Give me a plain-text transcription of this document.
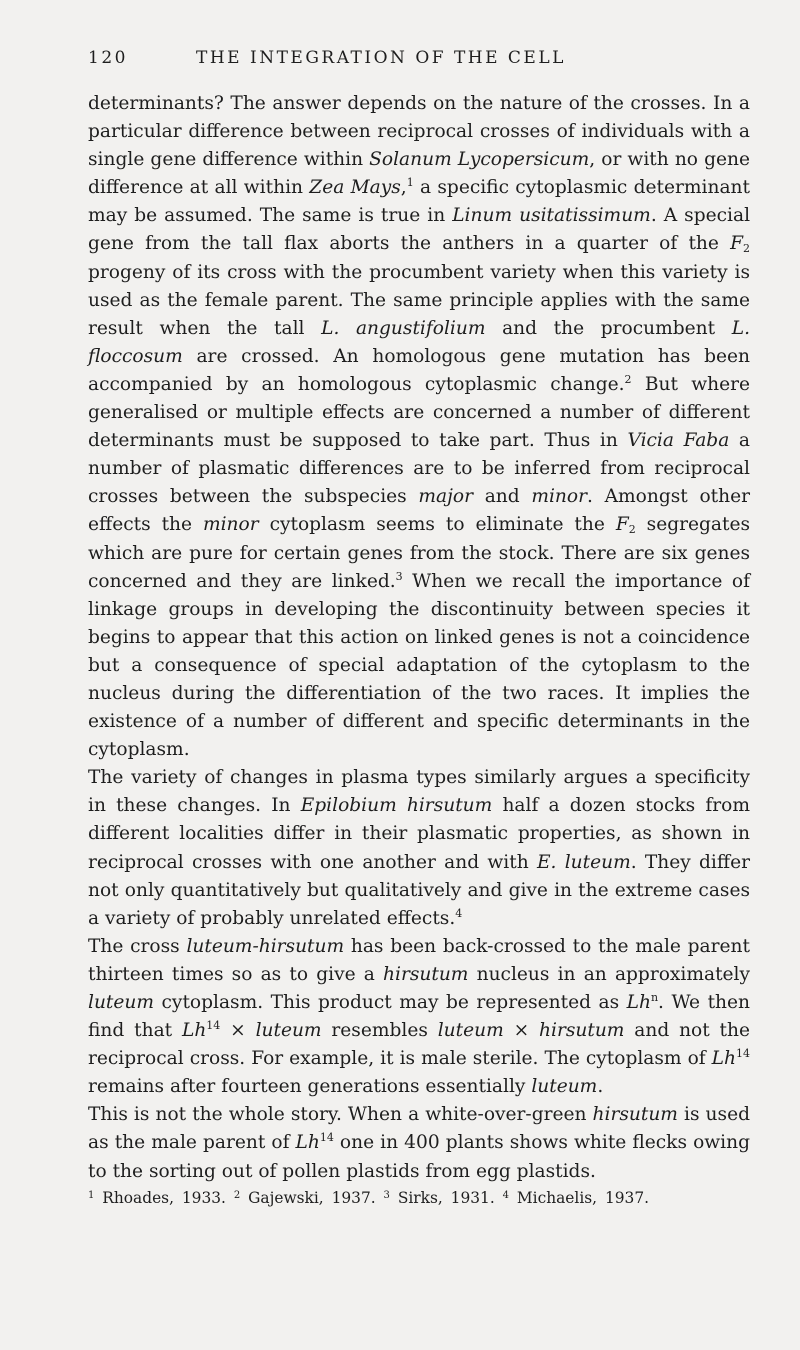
120	THE INTEGRATION OF THE CELL

determinants? The answer depends on the nature of the crosses. In a particular difference between reciprocal crosses of individuals with a single gene difference within Solanum Lycopersicum, or with no gene difference at all within Zea Mays,$^1$ a specific cytoplasmic determinant may be assumed. The same is true in Linum usitatissimum. A special gene from the tall flax aborts the anthers in a quarter of the $F_2$ progeny of its cross with the procumbent variety when this variety is used as the female parent. The same principle applies with the same result when the tall L. angustifolium and the procumbent L. floccosum are crossed. An homologous gene mutation has been accompanied by an homologous cytoplasmic change.$^2$ But where generalised or multiple effects are concerned a number of different determinants must be supposed to take part. Thus in Vicia Faba a number of plasmatic differences are to be inferred from reciprocal crosses between the subspecies major and minor. Amongst other effects the minor cytoplasm seems to eliminate the $F_2$ segregates which are pure for certain genes from the stock. There are six genes concerned and they are linked.$^3$ When we recall the importance of linkage groups in developing the discontinuity between species it begins to appear that this action on linked genes is not a coincidence but a consequence of special adaptation of the cytoplasm to the nucleus during the differentiation of the two races. It implies the existence of a number of different and specific determinants in the cytoplasm.

The variety of changes in plasma types similarly argues a specificity in these changes. In Epilobium hirsutum half a dozen stocks from different localities differ in their plasmatic properties, as shown in reciprocal crosses with one another and with E. luteum. They differ not only quantitatively but qualitatively and give in the extreme cases a variety of probably unrelated effects.$^4$

The cross luteum-hirsutum has been back-crossed to the male parent thirteen times so as to give a hirsutum nucleus in an approximately luteum cytoplasm. This product may be represented as Lh$^n$. We then find that $Lh^{14}$ × luteum resembles luteum × hirsutum and not the reciprocal cross. For example, it is male sterile. The cytoplasm of Lh$^{14}$ remains after fourteen generations essentially luteum.

This is not the whole story. When a white-over-green hirsutum is used as the male parent of Lh$^{14}$ one in 400 plants shows white flecks owing to the sorting out of pollen plastids from egg plastids.

$^1$ Rhoades, 1933. $^2$ Gajewski, 1937. $^3$ Sirks, 1931. $^4$ Michaelis, 1937.
